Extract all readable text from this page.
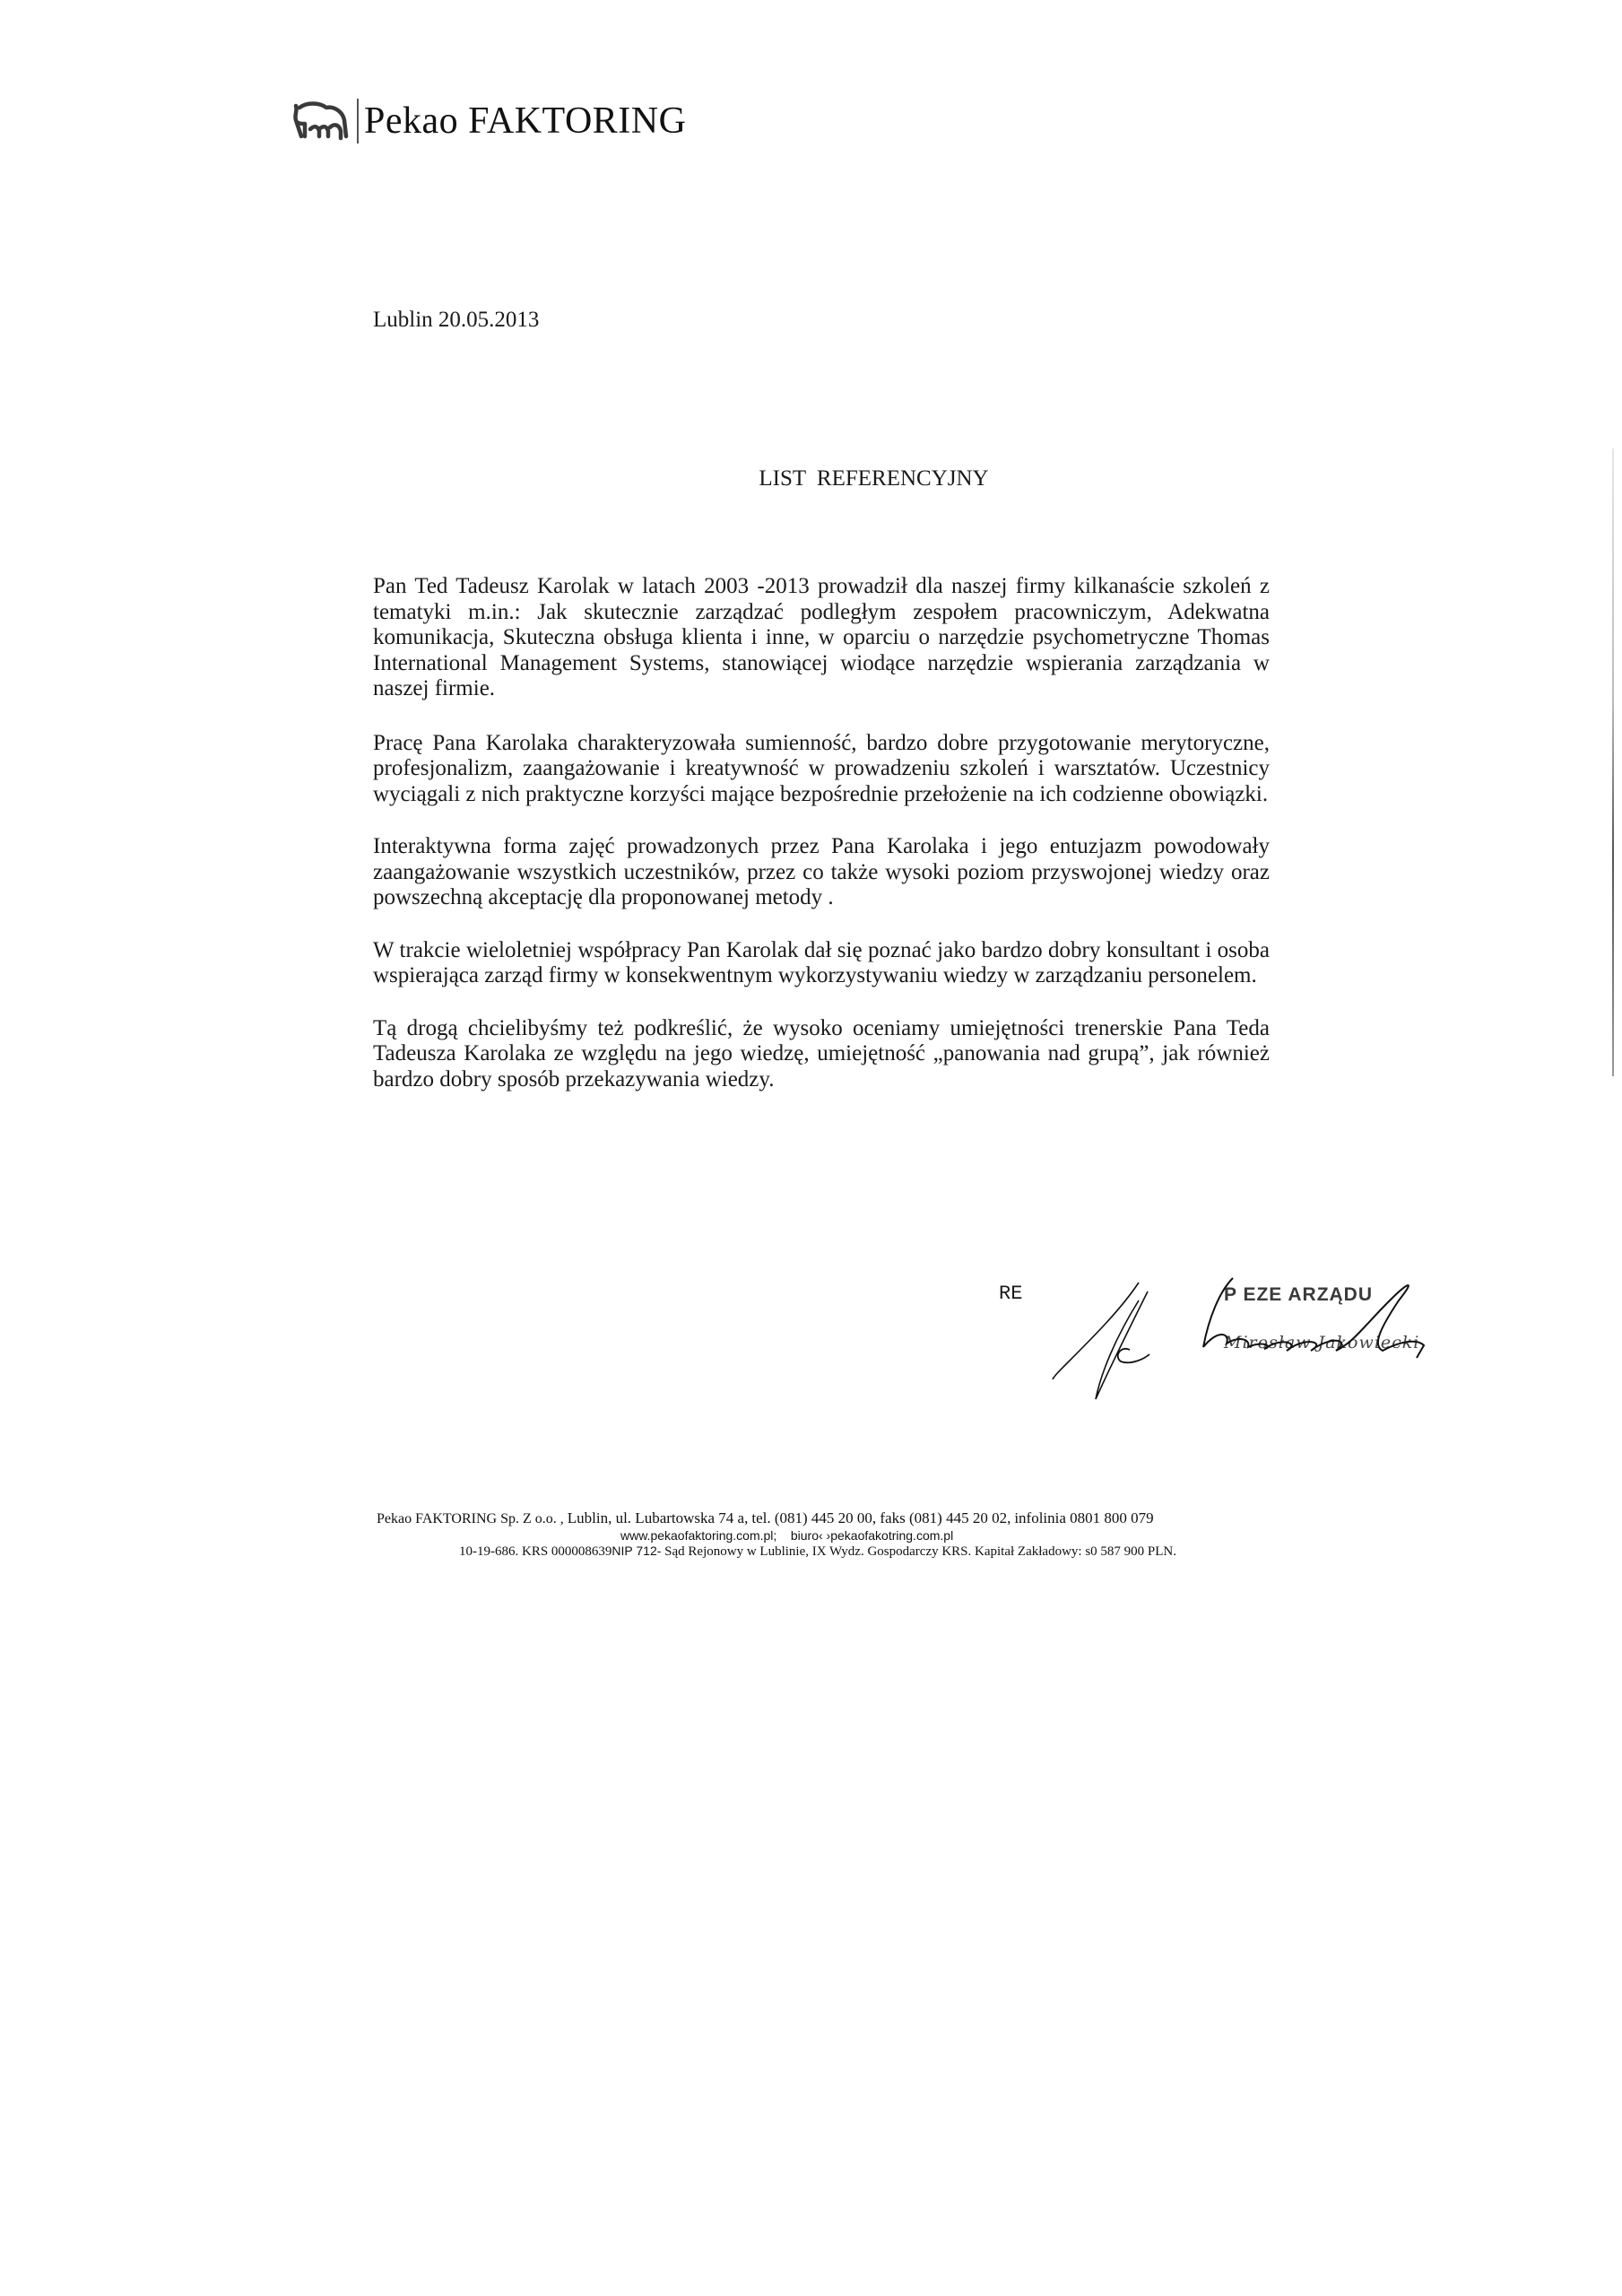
Pekao FAKTORING
Lublin 20.05.2013
LIST REFERENCYJNY

Pan Ted Tadeusz Karolak w latach 2003 -2013 prowadził dla naszej firmy kilkanaście szkoleń z tematyki m.in.: Jak skutecznie zarządzać podległym zespołem pracowniczym, Adekwatna komunikacja, Skuteczna obsługa klienta i inne, w oparciu o narzędzie psychometryczne Thomas International Management Systems, stanowiącej wiodące narzędzie wspierania zarządzania w naszej firmie.

Pracę Pana Karolaka charakteryzowała sumienność, bardzo dobre przygotowanie merytoryczne, profesjonalizm, zaangażowanie i kreatywność w prowadzeniu szkoleń i warsztatów. Uczestnicy wyciągali z nich praktyczne korzyści mające bezpośrednie przełożenie na ich codzienne obowiązki.

Interaktywna forma zajęć prowadzonych przez Pana Karolaka i jego entuzjazm powodowały zaangażowanie wszystkich uczestników, przez co także wysoki poziom przyswojonej wiedzy oraz powszechną akceptację dla proponowanej metody .

W trakcie wieloletniej współpracy Pan Karolak dał się poznać jako bardzo dobry konsultant i osoba wspierająca zarząd firmy w konsekwentnym wykorzystywaniu wiedzy w zarządzaniu personelem.

Tą drogą chcielibyśmy też podkreślić, że wysoko oceniamy umiejętności trenerskie Pana Teda Tadeusza Karolaka ze względu na jego wiedzę, umiejętność „panowania nad grupą”, jak również bardzo dobry sposób przekazywania wiedzy.

RE	P EZE ARZĄDU
Mirosław Jakowiecki
Pekao FAKTORING Sp. Z o.o. , Lublin, ul. Lubartowska 74 a, tel. (081) 445 20 00, faks (081) 445 20 02, infolinia 0801 800 079
www.pekaofaktoring.com.pl; biuro‹ ›pekaofakotring.com.pl
10-19-686. KRS 000008639NIP 712- Sąd Rejonowy w Lublinie, IX Wydz. Gospodarczy KRS. Kapitał Zakładowy: s0 587 900 PLN.
